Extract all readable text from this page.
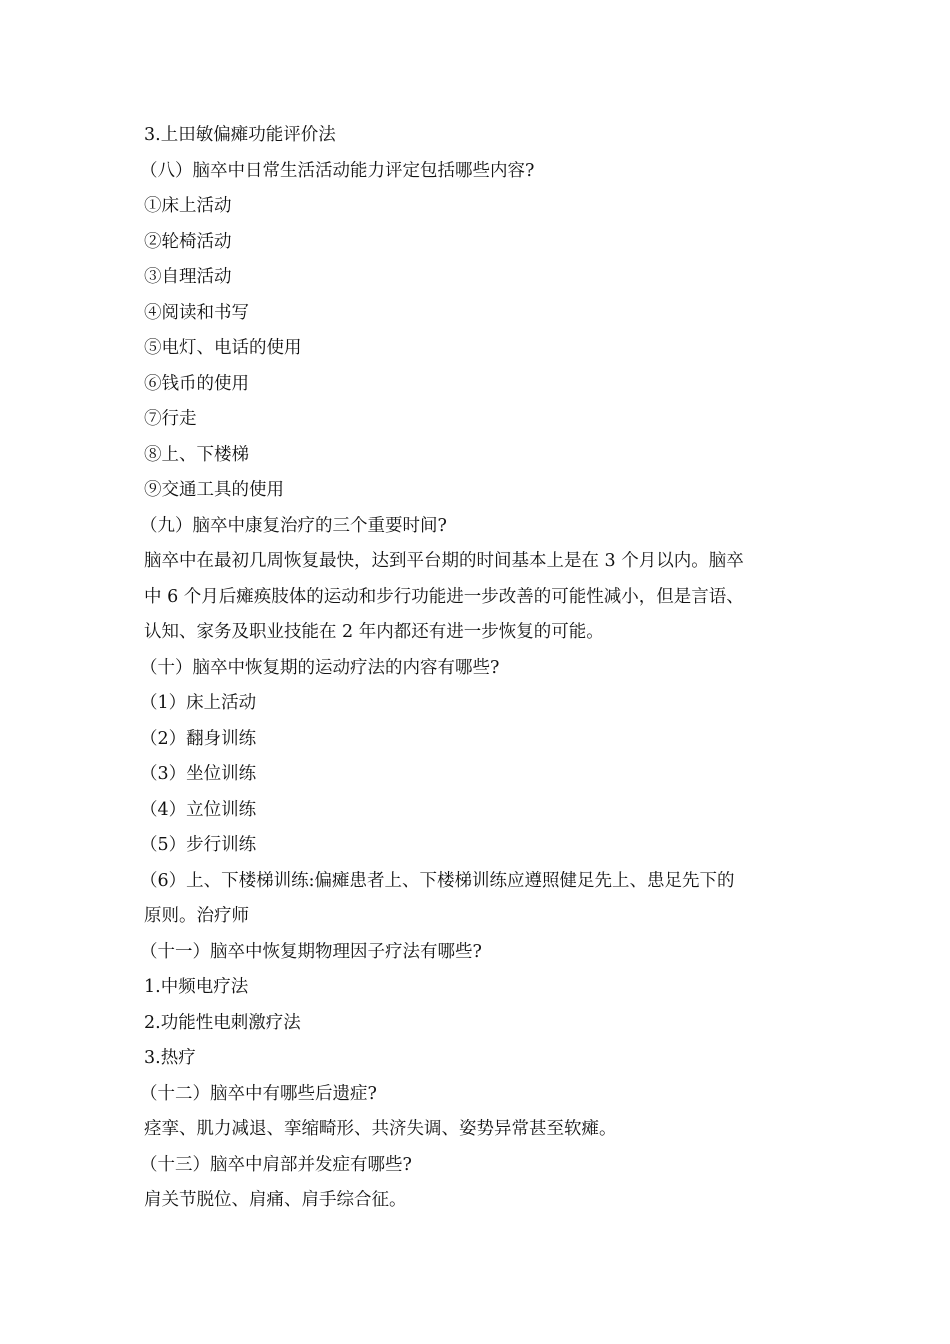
3.上田敏偏瘫功能评价法
（八）脑卒中日常生活活动能力评定包括哪些内容?
①床上活动
②轮椅活动
③自理活动
④阅读和书写
⑤电灯、电话的使用
⑥钱币的使用
⑦行走
⑧上、下楼梯
⑨交通工具的使用
（九）脑卒中康复治疗的三个重要时间?
脑卒中在最初几周恢复最快，达到平台期的时间基本上是在 3 个月以内。脑卒
中 6 个月后瘫痪肢体的运动和步行功能进一步改善的可能性减小，但是言语、
认知、家务及职业技能在 2 年内都还有进一步恢复的可能。
（十）脑卒中恢复期的运动疗法的内容有哪些?
（1）床上活动
（2）翻身训练
（3）坐位训练
（4）立位训练
（5）步行训练
（6）上、下楼梯训练:偏瘫患者上、下楼梯训练应遵照健足先上、患足先下的
原则。治疗师
（十一）脑卒中恢复期物理因子疗法有哪些?
1.中频电疗法
2.功能性电刺激疗法
3.热疗
（十二）脑卒中有哪些后遗症?
痉挛、肌力减退、挛缩畸形、共济失调、姿势异常甚至软瘫。
（十三）脑卒中肩部并发症有哪些?
肩关节脱位、肩痛、肩手综合征。
